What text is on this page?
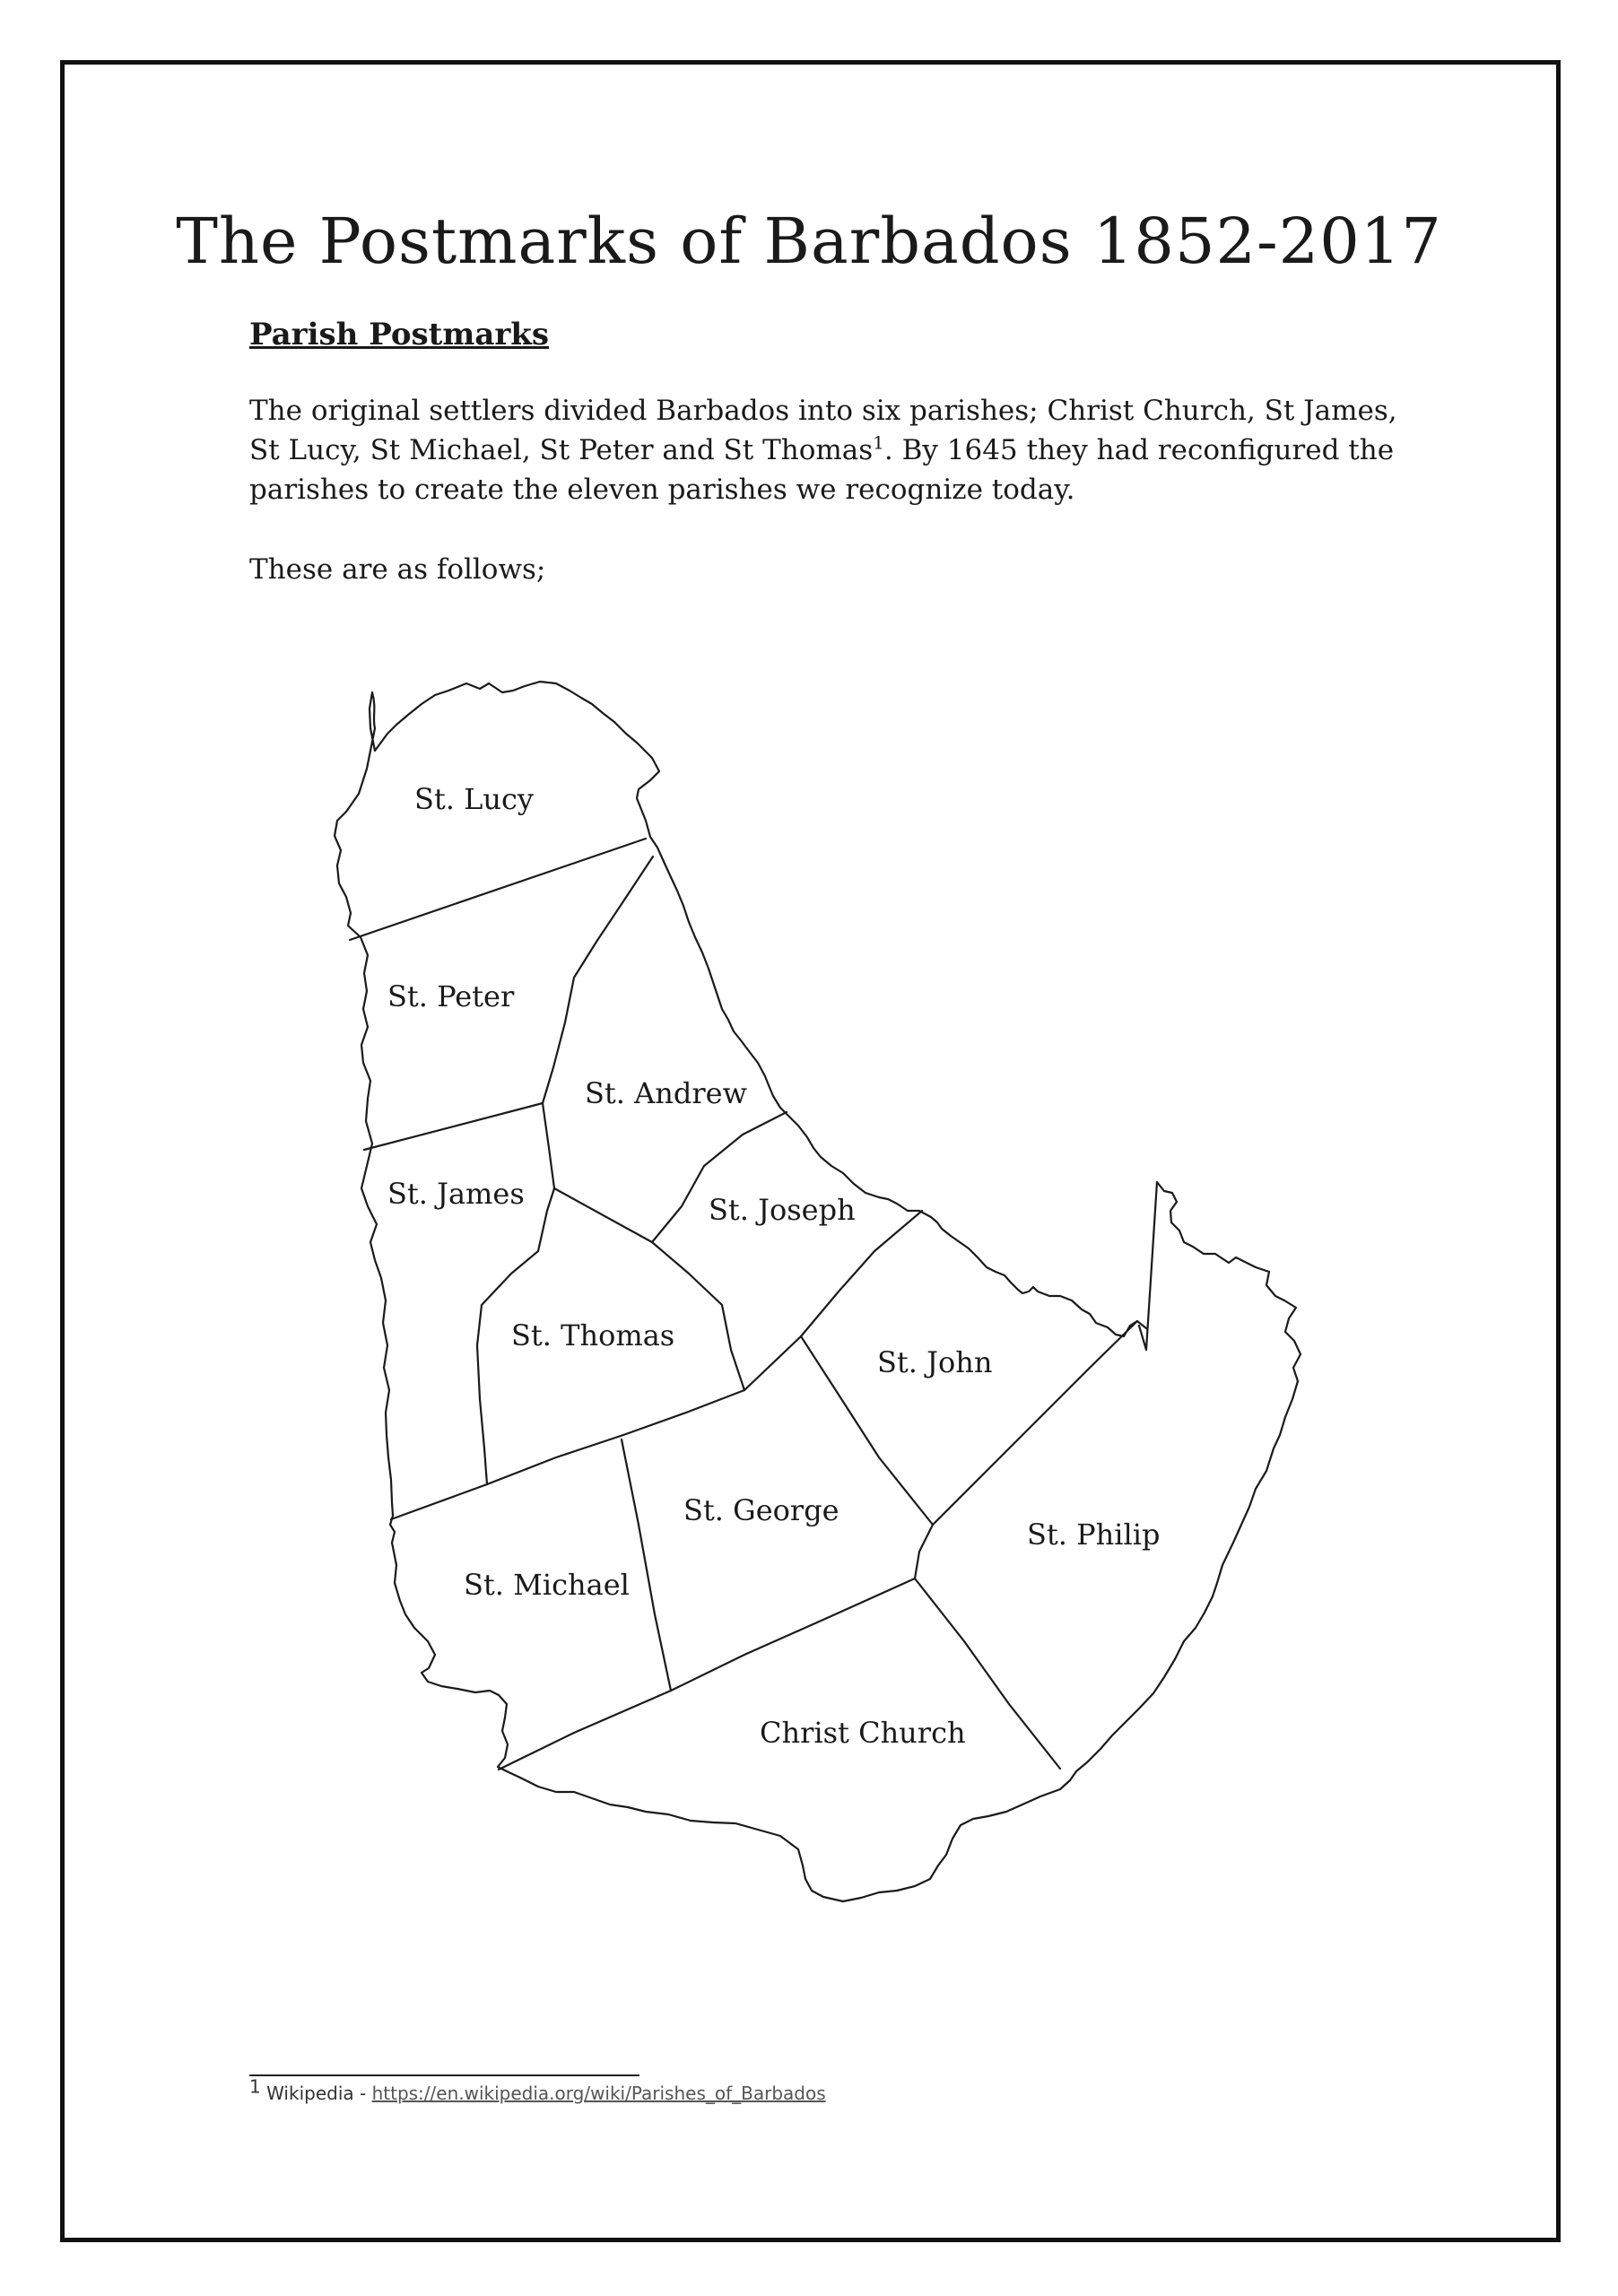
The Postmarks of Barbados 1852-2017
Parish Postmarks

The original settlers divided Barbados into six parishes; Christ Church, St James, St Lucy, St Michael, St Peter and St Thomas$^1$. By 1645 they had reconfigured the parishes to create the eleven parishes we recognize today.

These are as follows;

St. Lucy
St. Peter
St. Andrew
St. James	St. Joseph
St. Thomas
St. John
St. George
St. Philip
St. Michael
Christ Church
$^1$ Wikipedia - https://en.wikipedia.org/wiki/Parishes_of_Barbados
